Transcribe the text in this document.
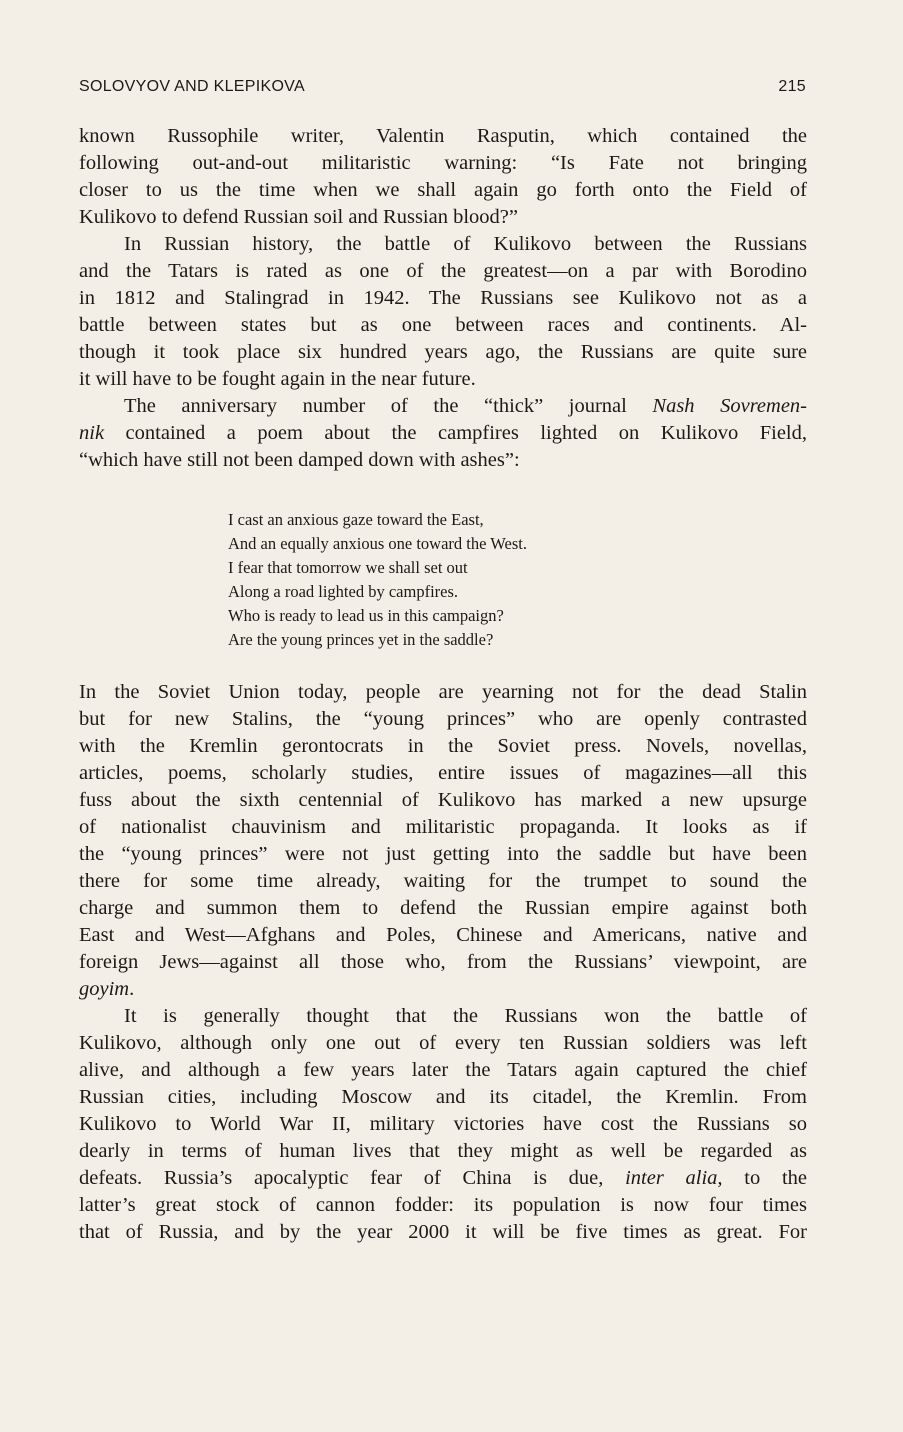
SOLOVYOV AND KLEPIKOVA	215
known Russophile writer, Valentin Rasputin, which contained the
following out-and-out militaristic warning: “Is Fate not bringing
closer to us the time when we shall again go forth onto the Field of
Kulikovo to defend Russian soil and Russian blood?”
In Russian history, the battle of Kulikovo between the Russians
and the Tatars is rated as one of the greatest—on a par with Borodino
in 1812 and Stalingrad in 1942. The Russians see Kulikovo not as a
battle between states but as one between races and continents. Al-
though it took place six hundred years ago, the Russians are quite sure
it will have to be fought again in the near future.
The anniversary number of the “thick” journal Nash Sovremen-
nik contained a poem about the campfires lighted on Kulikovo Field,
“which have still not been damped down with ashes”:
I cast an anxious gaze toward the East,
And an equally anxious one toward the West.
I fear that tomorrow we shall set out
Along a road lighted by campfires.
Who is ready to lead us in this campaign?
Are the young princes yet in the saddle?
In the Soviet Union today, people are yearning not for the dead Stalin
but for new Stalins, the “young princes” who are openly contrasted
with the Kremlin gerontocrats in the Soviet press. Novels, novellas,
articles, poems, scholarly studies, entire issues of magazines—all this
fuss about the sixth centennial of Kulikovo has marked a new upsurge
of nationalist chauvinism and militaristic propaganda. It looks as if
the “young princes” were not just getting into the saddle but have been
there for some time already, waiting for the trumpet to sound the
charge and summon them to defend the Russian empire against both
East and West—Afghans and Poles, Chinese and Americans, native and
foreign Jews—against all those who, from the Russians’ viewpoint, are
goyim.
It is generally thought that the Russians won the battle of
Kulikovo, although only one out of every ten Russian soldiers was left
alive, and although a few years later the Tatars again captured the chief
Russian cities, including Moscow and its citadel, the Kremlin. From
Kulikovo to World War II, military victories have cost the Russians so
dearly in terms of human lives that they might as well be regarded as
defeats. Russia’s apocalyptic fear of China is due, inter alia, to the
latter’s great stock of cannon fodder: its population is now four times
that of Russia, and by the year 2000 it will be five times as great. For
